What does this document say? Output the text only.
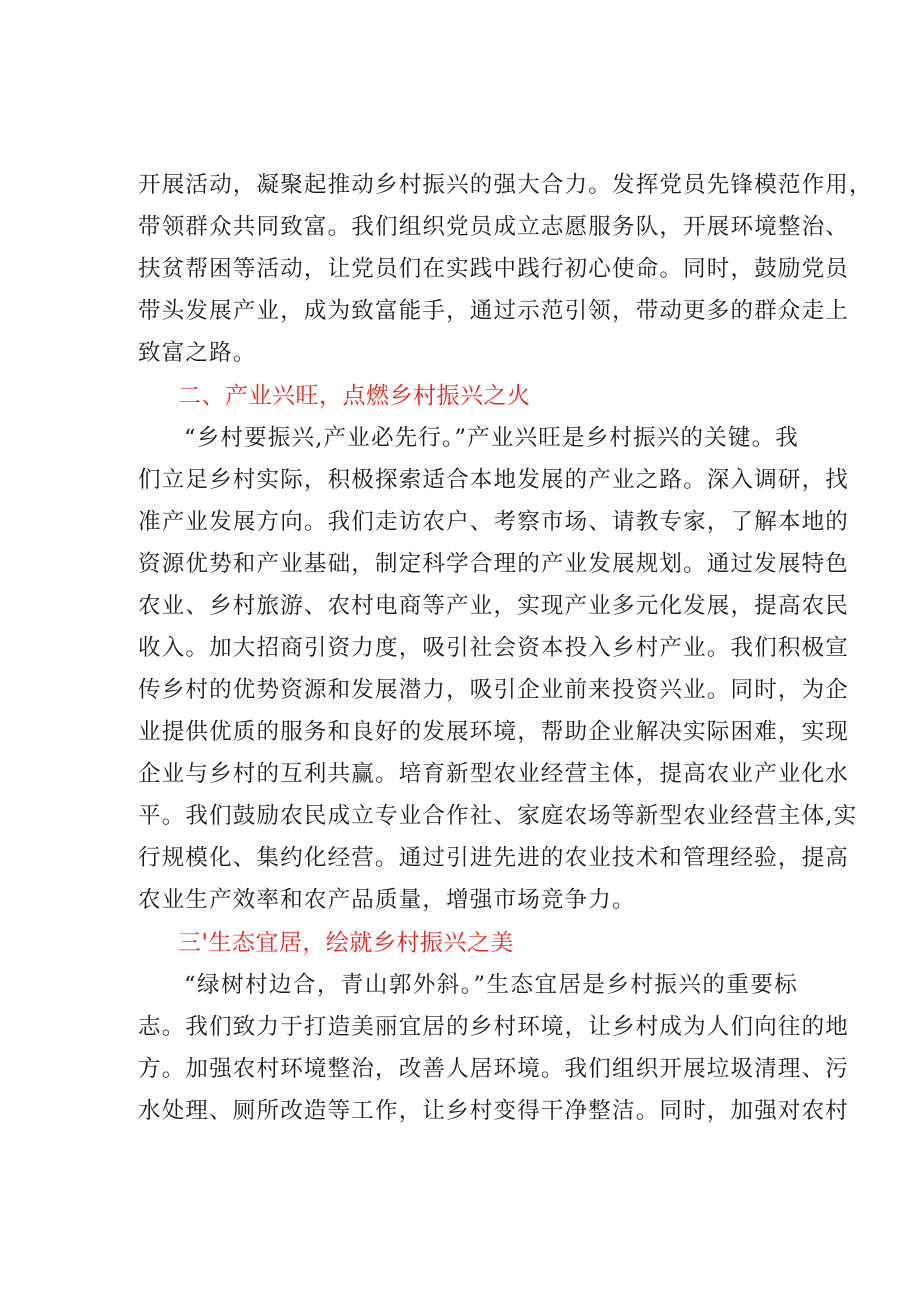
开展活动，凝聚起推动乡村振兴的强大合力。发挥党员先锋模范作用，
带领群众共同致富。我们组织党员成立志愿服务队，开展环境整治、
扶贫帮困等活动，让党员们在实践中践行初心使命。同时，鼓励党员
带头发展产业，成为致富能手，通过示范引领，带动更多的群众走上
致富之路。
二、产业兴旺，点燃乡村振兴之火
“乡村要振兴,产业必先行。”产业兴旺是乡村振兴的关键。我
们立足乡村实际，积极探索适合本地发展的产业之路。深入调研，找
准产业发展方向。我们走访农户、考察市场、请教专家，了解本地的
资源优势和产业基础，制定科学合理的产业发展规划。通过发展特色
农业、乡村旅游、农村电商等产业，实现产业多元化发展，提高农民
收入。加大招商引资力度，吸引社会资本投入乡村产业。我们积极宣
传乡村的优势资源和发展潜力，吸引企业前来投资兴业。同时，为企
业提供优质的服务和良好的发展环境，帮助企业解决实际困难，实现
企业与乡村的互利共赢。培育新型农业经营主体，提高农业产业化水
平。我们鼓励农民成立专业合作社、家庭农场等新型农业经营主体,实
行规模化、集约化经营。通过引进先进的农业技术和管理经验，提高
农业生产效率和农产品质量，增强市场竞争力。
三'生态宜居，绘就乡村振兴之美
“绿树村边合，青山郭外斜。”生态宜居是乡村振兴的重要标
志。我们致力于打造美丽宜居的乡村环境，让乡村成为人们向往的地
方。加强农村环境整治，改善人居环境。我们组织开展垃圾清理、污
水处理、厕所改造等工作，让乡村变得干净整洁。同时，加强对农村
